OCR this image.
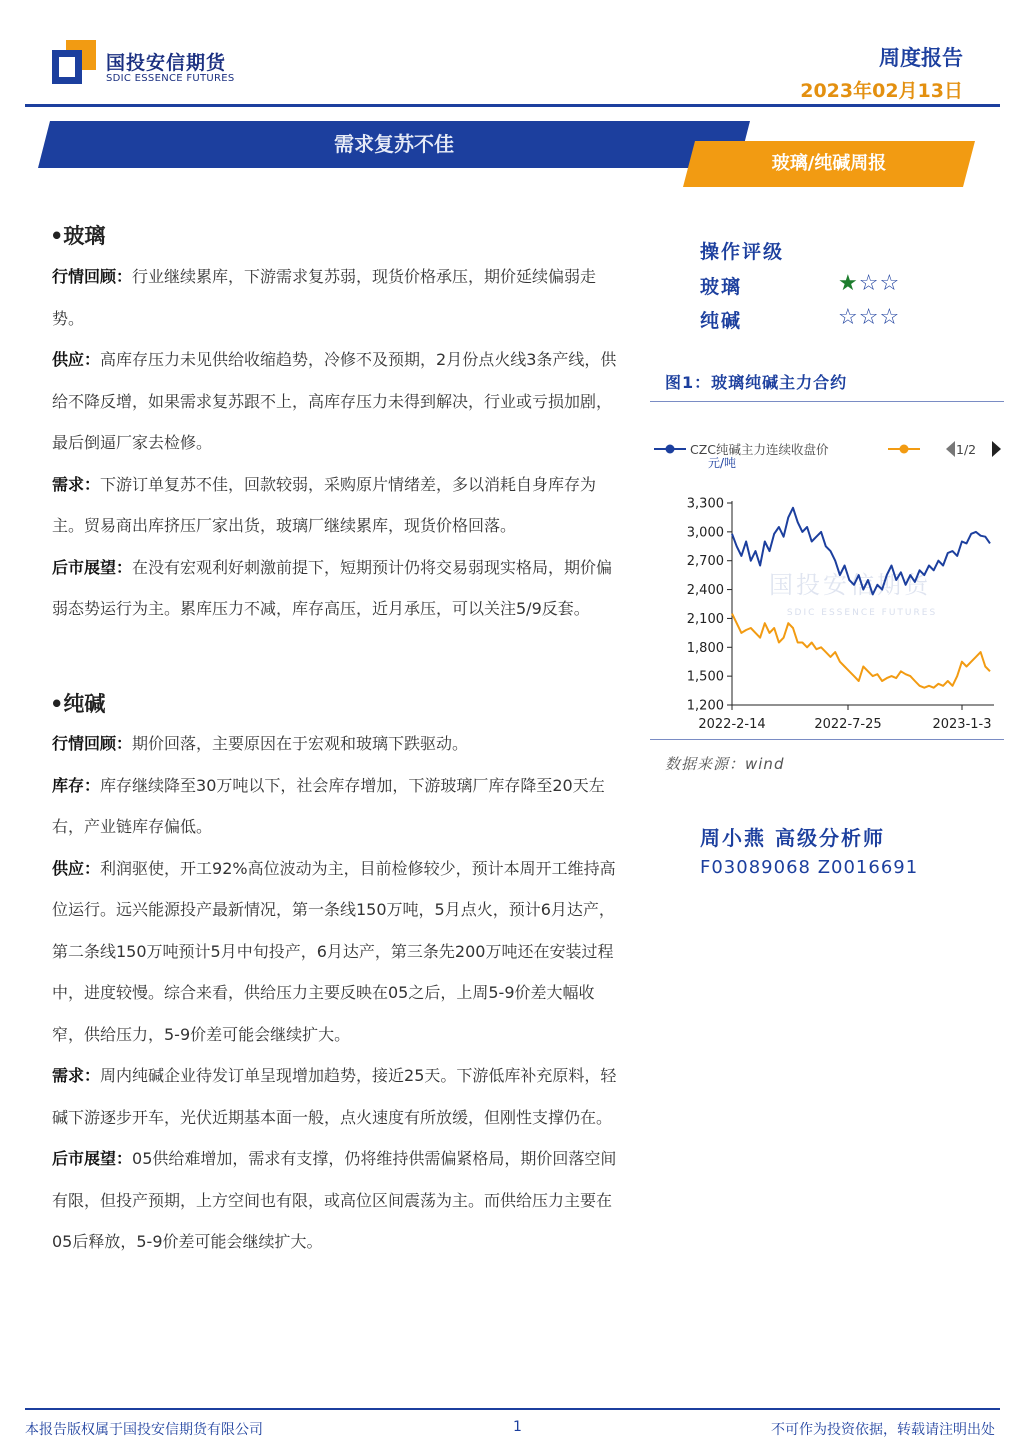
国投安信期货
SDIC ESSENCE FUTURES
周度报告
2023年02月13日
需求复苏不佳
玻璃/纯碱周报
•玻璃

行情回顾：行业继续累库，下游需求复苏弱，现货价格承压，期价延续偏弱走势。

供应：高库存压力未见供给收缩趋势，冷修不及预期，2月份点火线3条产线，供给不降反增，如果需求复苏跟不上，高库存压力未得到解决，行业或亏损加剧，最后倒逼厂家去检修。

需求：下游订单复苏不佳，回款较弱，采购原片情绪差，多以消耗自身库存为主。贸易商出库挤压厂家出货，玻璃厂继续累库，现货价格回落。

后市展望：在没有宏观利好刺激前提下，短期预计仍将交易弱现实格局，期价偏弱态势运行为主。累库压力不减，库存高压，近月承压，可以关注5/9反套。

•纯碱

行情回顾：期价回落，主要原因在于宏观和玻璃下跌驱动。

库存：库存继续降至30万吨以下，社会库存增加，下游玻璃厂库存降至20天左右，产业链库存偏低。

供应：利润驱使，开工92%高位波动为主，目前检修较少，预计本周开工维持高位运行。远兴能源投产最新情况，第一条线150万吨，5月点火，预计6月达产，第二条线150万吨预计5月中旬投产，6月达产，第三条先200万吨还在安装过程中，进度较慢。综合来看，供给压力主要反映在05之后，上周5-9价差大幅收窄，供给压力，5-9价差可能会继续扩大。

需求：周内纯碱企业待发订单呈现增加趋势，接近25天。下游低库补充原料，轻碱下游逐步开车，光伏近期基本面一般，点火速度有所放缓，但刚性支撑仍在。

后市展望：05供给难增加，需求有支撑，仍将维持供需偏紧格局，期价回落空间有限，但投产预期，上方空间也有限，或高位区间震荡为主。而供给压力主要在05后释放，5-9价差可能会继续扩大。

操作评级
玻璃	★☆☆
纯碱	☆☆☆
图1：玻璃纯碱主力合约
国投安信期货
SDIC ESSENCE FUTURES
CZC纯碱主力连续收盘价	1/2
元/吨
1,200
1,500
1,800
2,100
2,400
2,700
3,000
3,300
2022-2-14	2022-7-25	2023-1-3
数据来源：wind
周小燕 高级分析师
F03089068 Z0016691
本报告版权属于国投安信期货有限公司	1	不可作为投资依据，转载请注明出处
